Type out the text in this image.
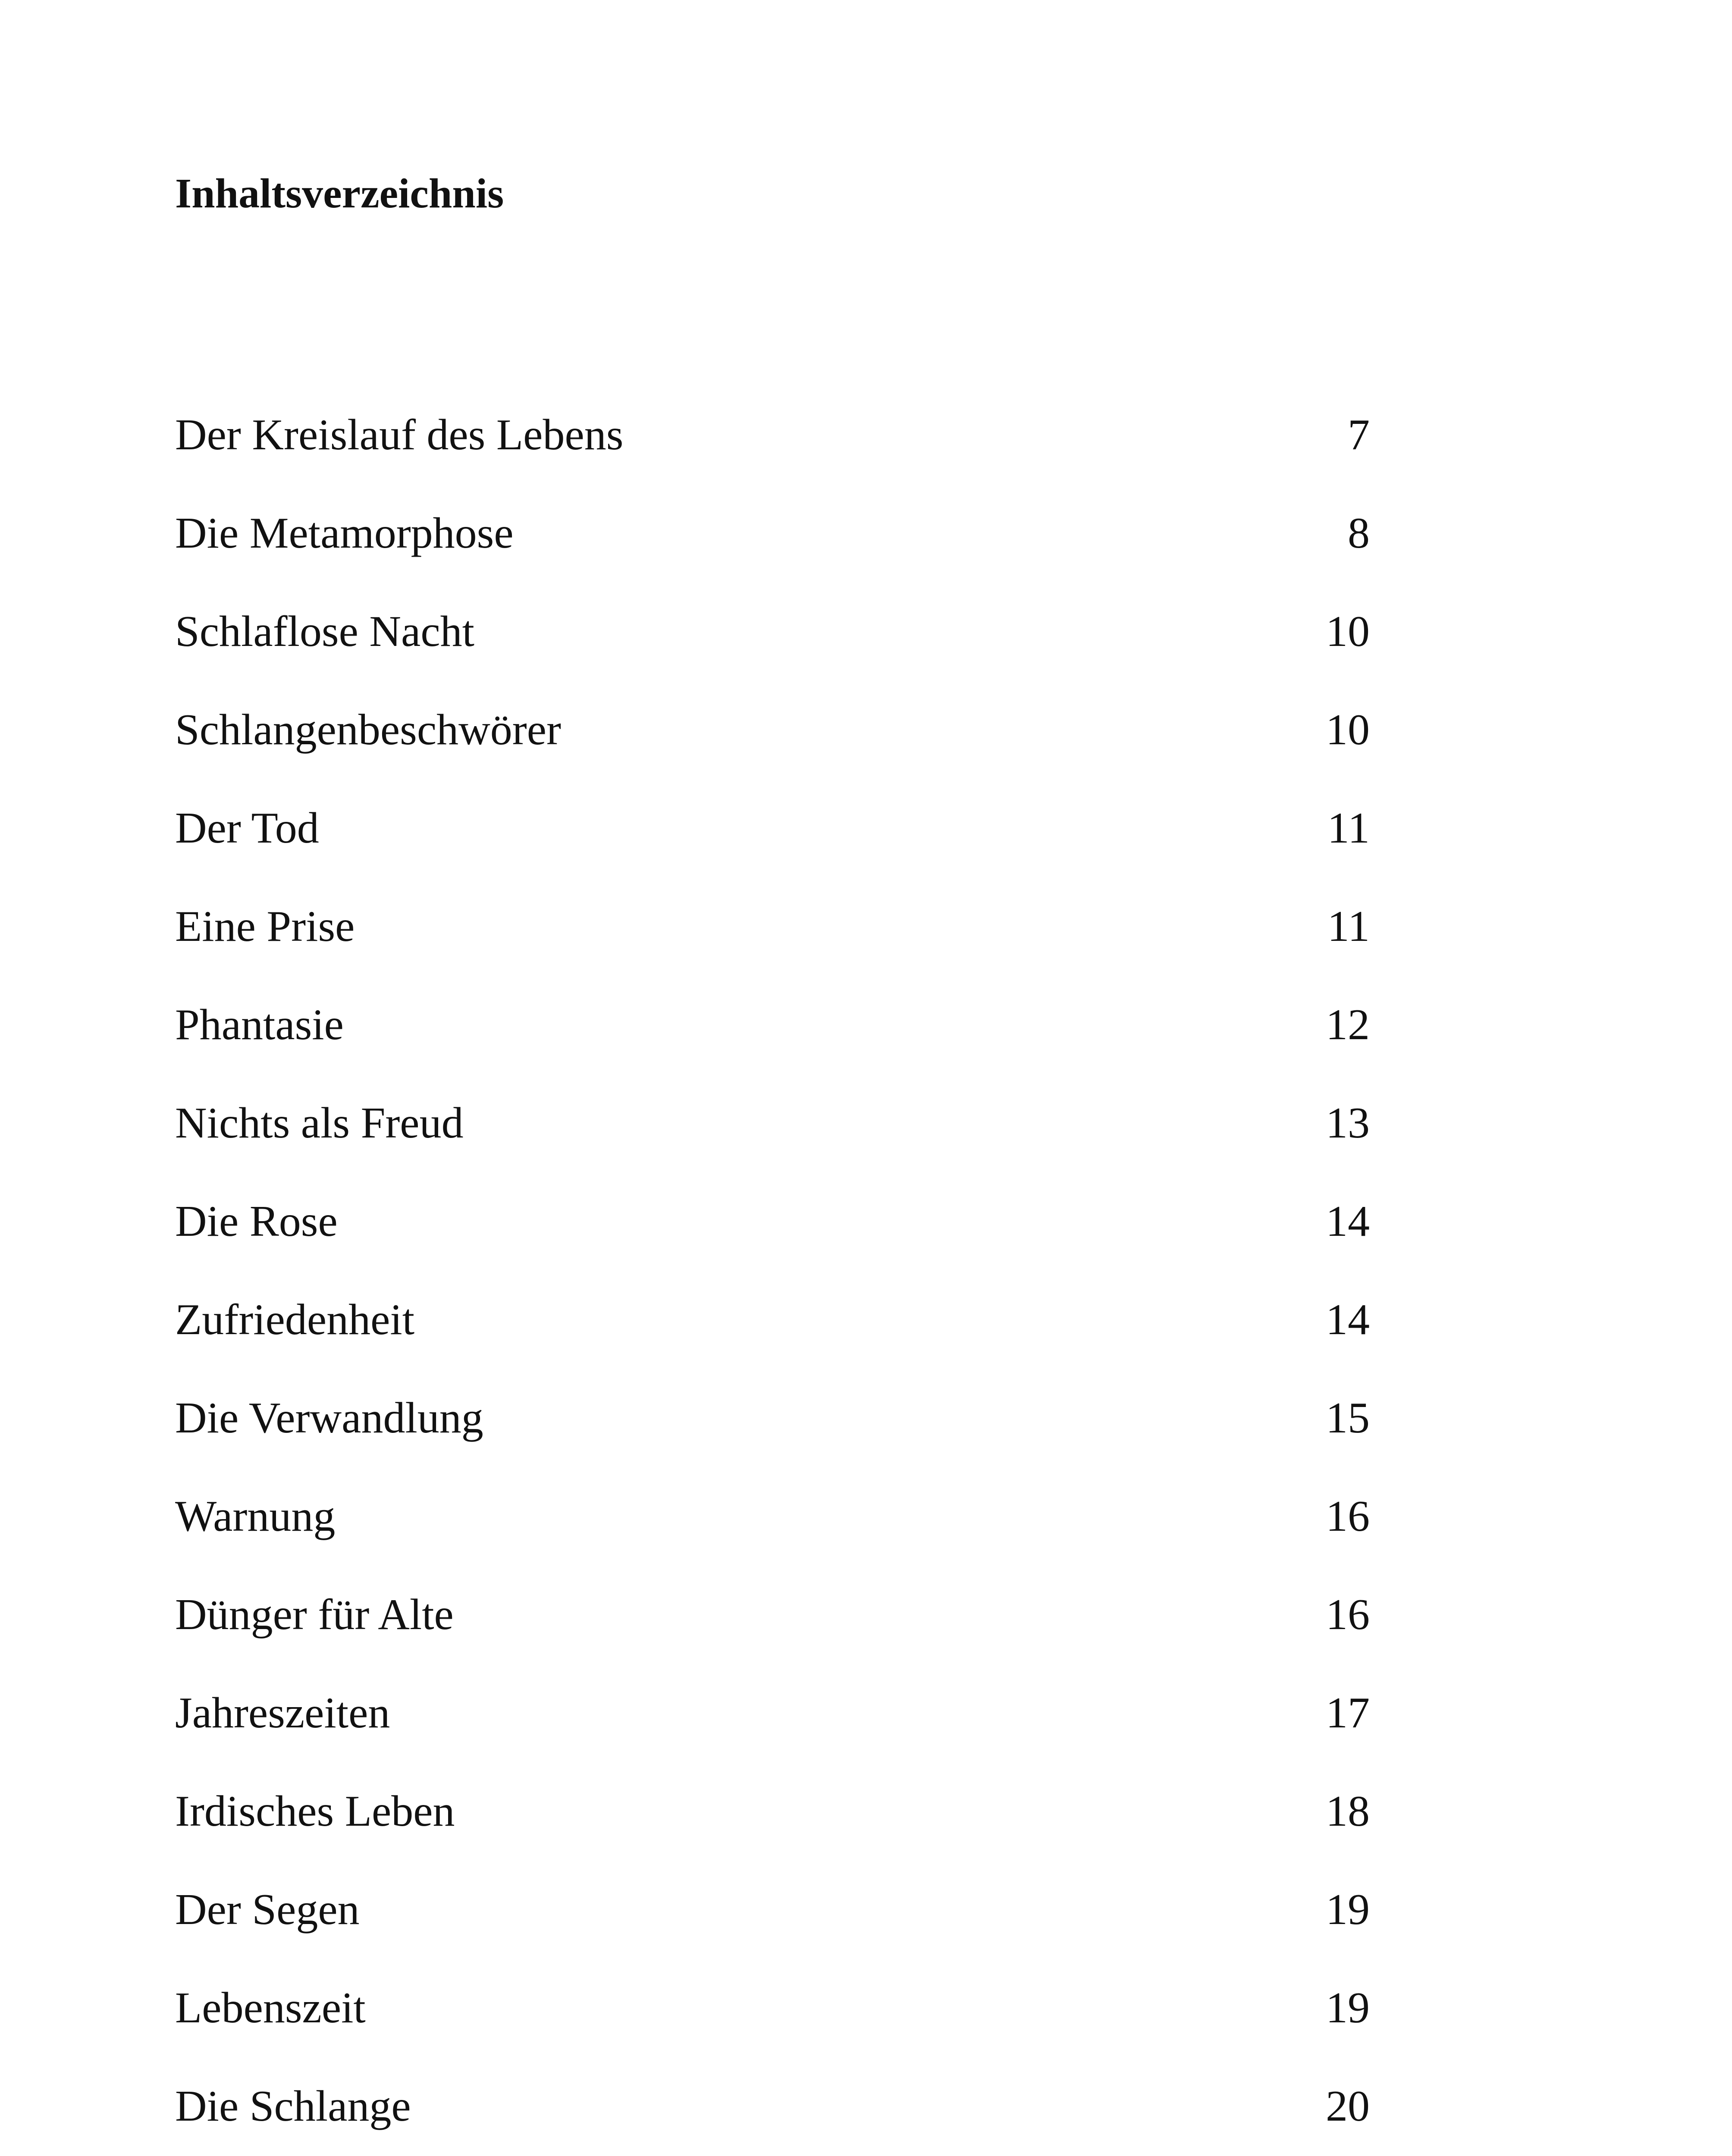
Inhaltsverzeichnis
Der Kreislauf des Lebens	7
Die Metamorphose	8
Schlaflose Nacht	10
Schlangenbeschwörer	10
Der Tod	11
Eine Prise	11
Phantasie	12
Nichts als Freud	13
Die Rose	14
Zufriedenheit	14
Die Verwandlung	15
Warnung	16
Dünger für Alte	16
Jahreszeiten	17
Irdisches Leben	18
Der Segen	19
Lebenszeit	19
Die Schlange	20
